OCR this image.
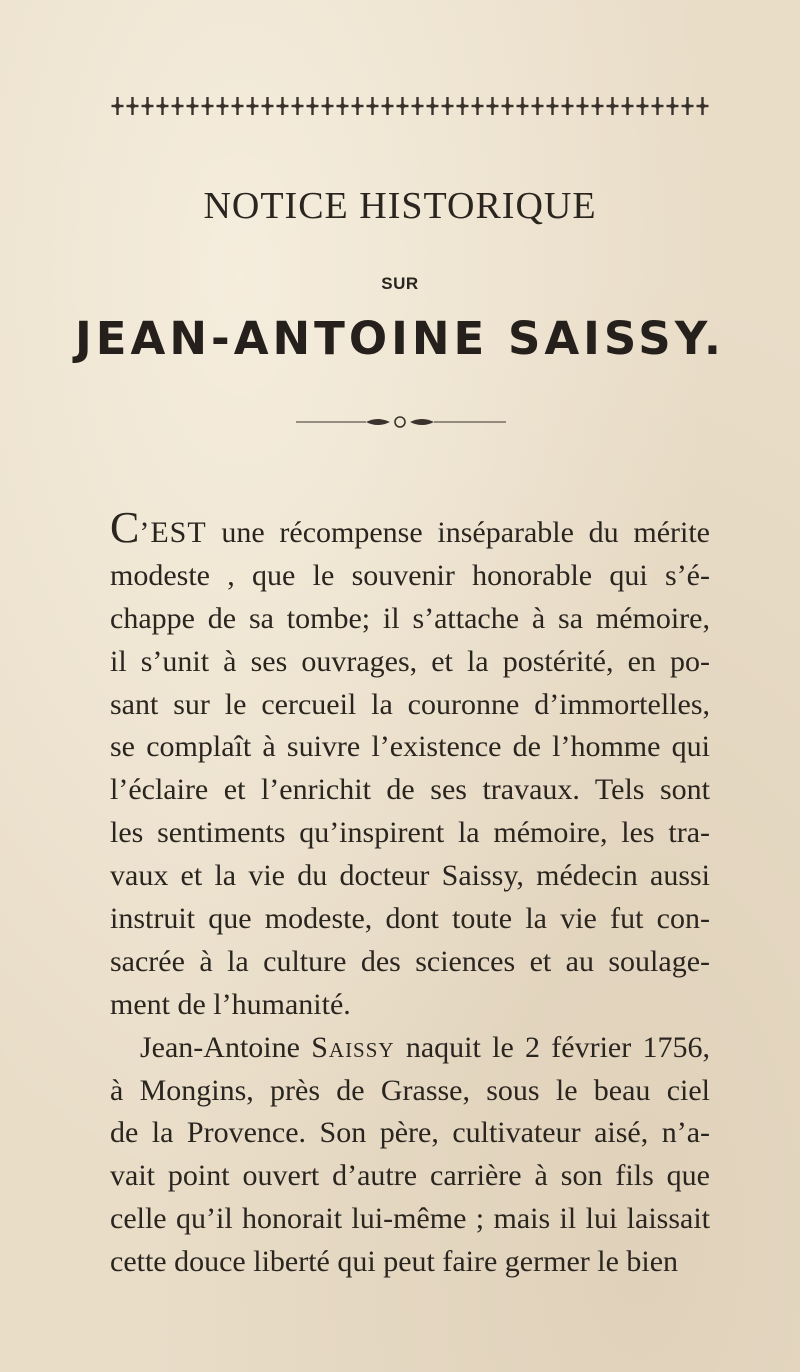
NOTICE HISTORIQUE
SUR
JEAN-ANTOINE SAISSY.
C’EST une récompense inséparable du mérite
modeste , que le souvenir honorable qui s’é-
chappe de sa tombe; il s’attache à sa mémoire,
il s’unit à ses ouvrages, et la postérité, en po-
sant sur le cercueil la couronne d’immortelles,
se complaît à suivre l’existence de l’homme qui
l’éclaire et l’enrichit de ses travaux. Tels sont
les sentiments qu’inspirent la mémoire, les tra-
vaux et la vie du docteur Saissy, médecin aussi
instruit que modeste, dont toute la vie fut con-
sacrée à la culture des sciences et au soulage-
ment de l’humanité.
Jean-Antoine Saissy naquit le 2 février 1756,
à Mongins, près de Grasse, sous le beau ciel
de la Provence. Son père, cultivateur aisé, n’a-
vait point ouvert d’autre carrière à son fils que
celle qu’il honorait lui-même ; mais il lui laissait
cette douce liberté qui peut faire germer le bien
